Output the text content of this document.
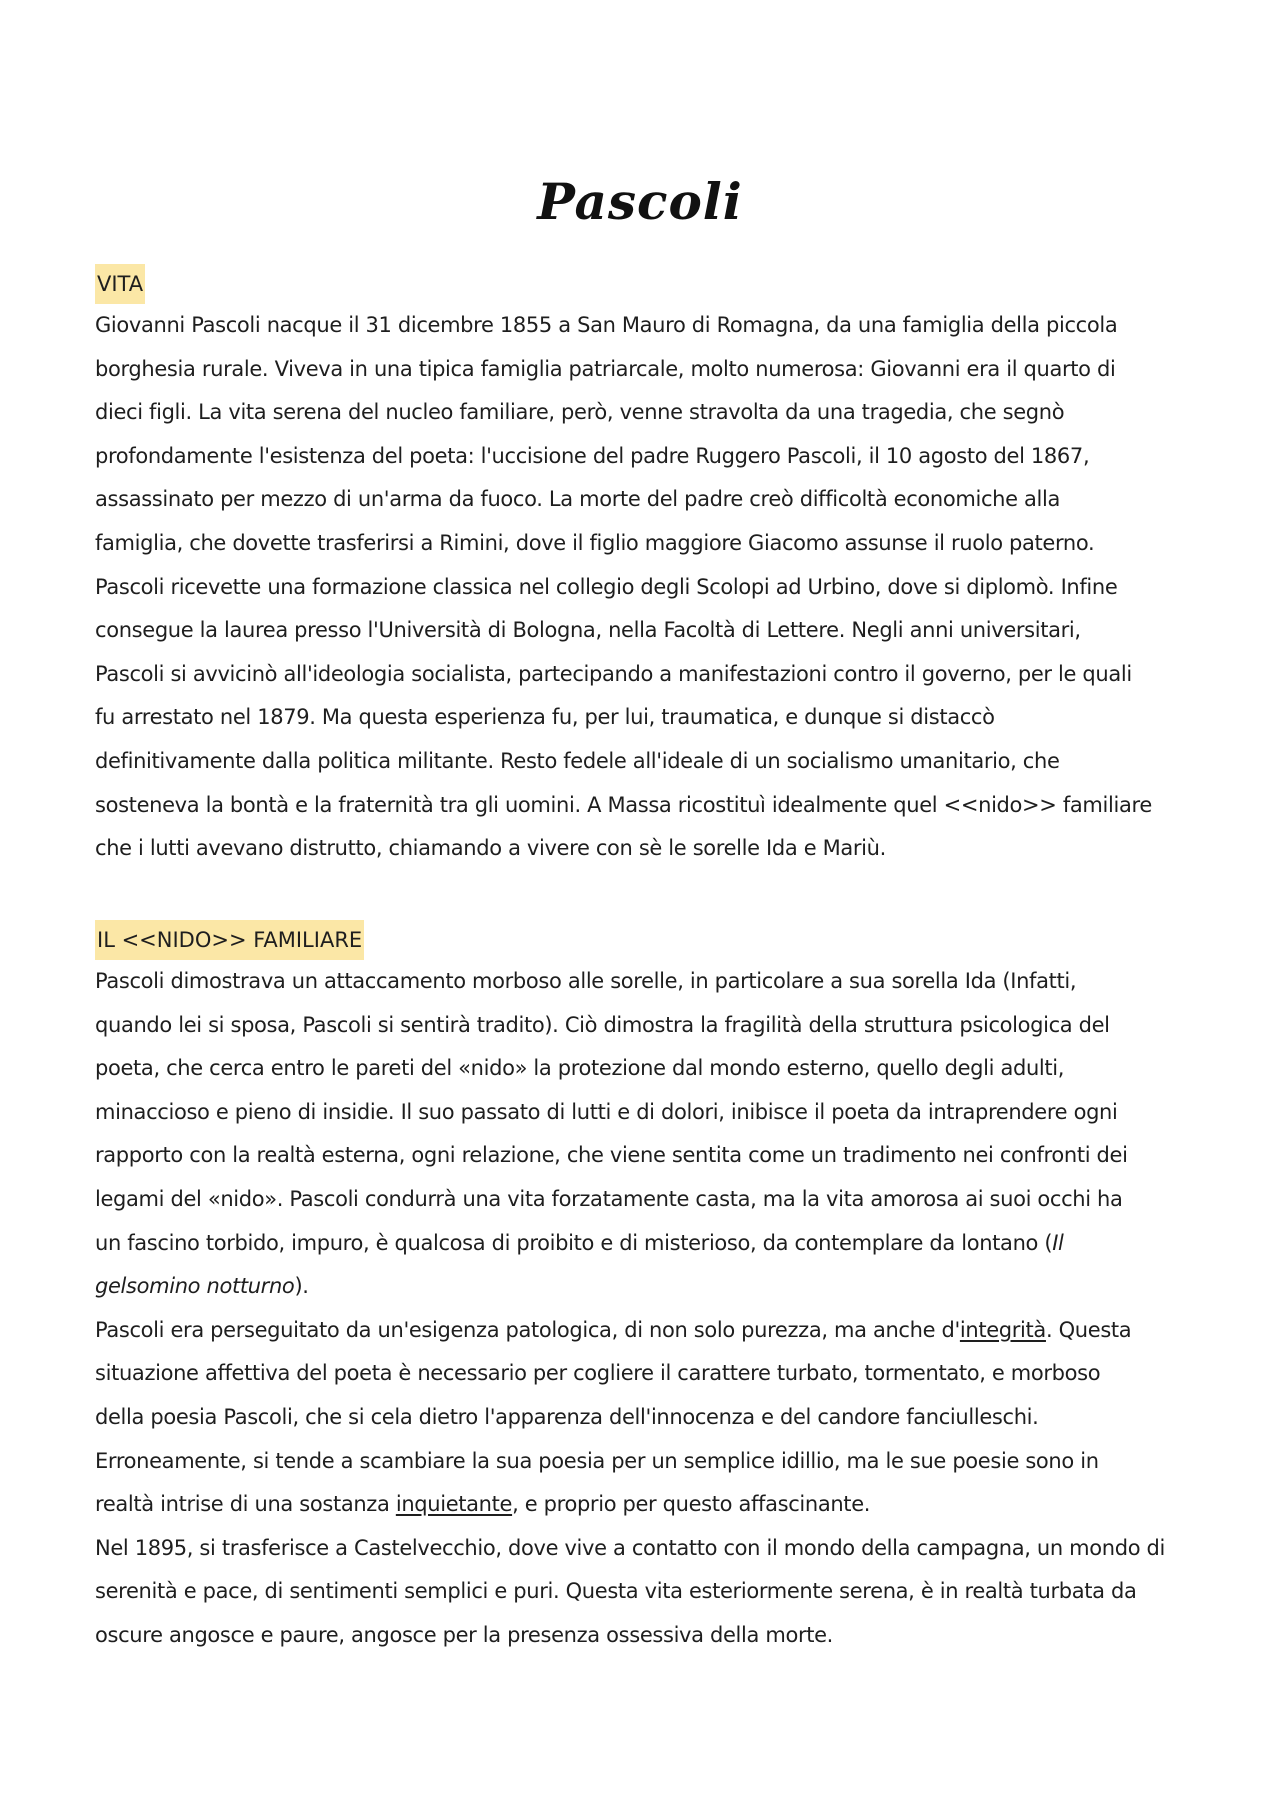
Pascoli
VITA
Giovanni Pascoli nacque il 31 dicembre 1855 a San Mauro di Romagna, da una famiglia della piccola
borghesia rurale. Viveva in una tipica famiglia patriarcale, molto numerosa: Giovanni era il quarto di
dieci figli. La vita serena del nucleo familiare, però, venne stravolta da una tragedia, che segnò
profondamente l'esistenza del poeta: l'uccisione del padre Ruggero Pascoli, il 10 agosto del 1867,
assassinato per mezzo di un'arma da fuoco. La morte del padre creò difficoltà economiche alla
famiglia, che dovette trasferirsi a Rimini, dove il figlio maggiore Giacomo assunse il ruolo paterno.
Pascoli ricevette una formazione classica nel collegio degli Scolopi ad Urbino, dove si diplomò. Infine
consegue la laurea presso l'Università di Bologna, nella Facoltà di Lettere. Negli anni universitari,
Pascoli si avvicinò all'ideologia socialista, partecipando a manifestazioni contro il governo, per le quali
fu arrestato nel 1879. Ma questa esperienza fu, per lui, traumatica, e dunque si distaccò
definitivamente dalla politica militante. Resto fedele all'ideale di un socialismo umanitario, che
sosteneva la bontà e la fraternità tra gli uomini. A Massa ricostituì idealmente quel <<nido>> familiare
che i lutti avevano distrutto, chiamando a vivere con sè le sorelle Ida e Mariù.
IL <<NIDO>> FAMILIARE
Pascoli dimostrava un attaccamento morboso alle sorelle, in particolare a sua sorella Ida (Infatti,
quando lei si sposa, Pascoli si sentirà tradito). Ciò dimostra la fragilità della struttura psicologica del
poeta, che cerca entro le pareti del «nido» la protezione dal mondo esterno, quello degli adulti,
minaccioso e pieno di insidie. Il suo passato di lutti e di dolori, inibisce il poeta da intraprendere ogni
rapporto con la realtà esterna, ogni relazione, che viene sentita come un tradimento nei confronti dei
legami del «nido». Pascoli condurrà una vita forzatamente casta, ma la vita amorosa ai suoi occhi ha
un fascino torbido, impuro, è qualcosa di proibito e di misterioso, da contemplare da lontano (Il
gelsomino notturno).
Pascoli era perseguitato da un'esigenza patologica, di non solo purezza, ma anche d'integrità. Questa
situazione affettiva del poeta è necessario per cogliere il carattere turbato, tormentato, e morboso
della poesia Pascoli, che si cela dietro l'apparenza dell'innocenza e del candore fanciulleschi.
Erroneamente, si tende a scambiare la sua poesia per un semplice idillio, ma le sue poesie sono in
realtà intrise di una sostanza inquietante, e proprio per questo affascinante.
Nel 1895, si trasferisce a Castelvecchio, dove vive a contatto con il mondo della campagna, un mondo di
serenità e pace, di sentimenti semplici e puri. Questa vita esteriormente serena, è in realtà turbata da
oscure angosce e paure, angosce per la presenza ossessiva della morte.
